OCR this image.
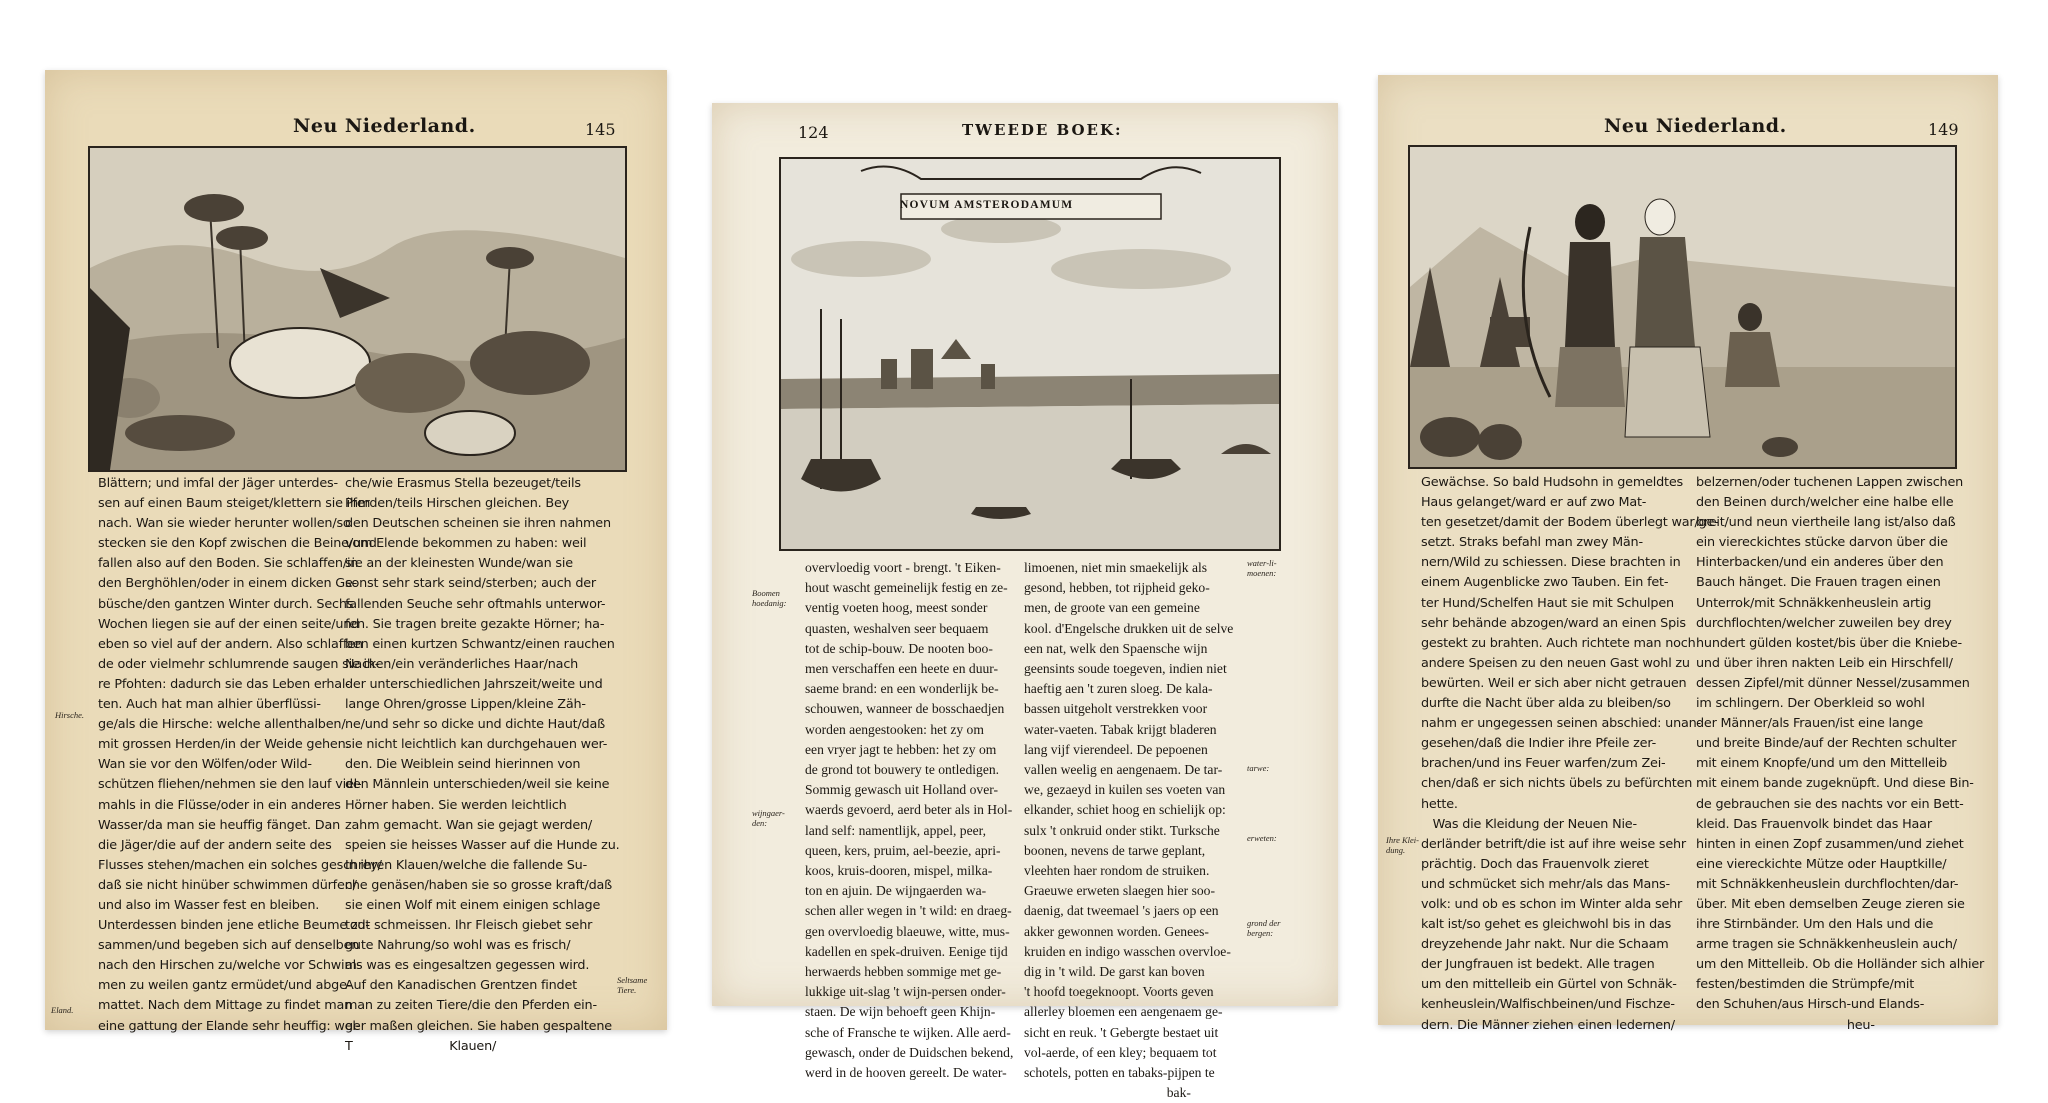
Neu Niederland.	145
Blättern; und imfal der Jäger unterdes-
sen auf einen Baum steiget/klettern sie ihm
nach. Wan sie wieder herunter wollen/so
stecken sie den Kopf zwischen die Beine/und
fallen also auf den Boden. Sie schlaffen/in
den Berghöhlen/oder in einem dicken Ge-
büsche/den gantzen Winter durch. Sechs
Wochen liegen sie auf der einen seite/und
eben so viel auf der andern. Also schlaffen
de oder vielmehr schlumrende saugen sie ih-
re Pfohten: dadurch sie das Leben erhal-
ten. Auch hat man alhier überflüssi-
ge/als die Hirsche: welche allenthalben/
mit grossen Herden/in der Weide gehen.
Wan sie vor den Wölfen/oder Wild-
schützen fliehen/nehmen sie den lauf viel-
mahls in die Flüsse/oder in ein anderes
Wasser/da man sie heuffig fänget. Dan
die Jäger/die auf der andern seite des
Flusses stehen/machen ein solches geschrey/
daß sie nicht hinüber schwimmen dürfen/
und also im Wasser fest en bleiben.
Unterdessen binden jene etliche Beume zu-
sammen/und begeben sich auf denselben
nach den Hirschen zu/welche vor Schwim-
men zu weilen gantz ermüdet/und abge-
mattet. Nach dem Mittage zu findet man
eine gattung der Elande sehr heuffig: wel-
che/wie Erasmus Stella bezeuget/teils
Pferden/teils Hirschen gleichen. Bey
den Deutschen scheinen sie ihren nahmen
vom Elende bekommen zu haben: weil
sie an der kleinesten Wunde/wan sie
sonst sehr stark seind/sterben; auch der
fallenden Seuche sehr oftmahls unterwor-
fen. Sie tragen breite gezakte Hörner; ha-
ben einen kurtzen Schwantz/einen rauchen
Nacken/ein veränderliches Haar/nach
der unterschiedlichen Jahrszeit/weite und
lange Ohren/grosse Lippen/kleine Zäh-
ne/und sehr so dicke und dichte Haut/daß
sie nicht leichtlich kan durchgehauen wer-
den. Die Weiblein seind hierinnen von
den Männlein unterschieden/weil sie keine
Hörner haben. Sie werden leichtlich
zahm gemacht. Wan sie gejagt werden/
speien sie heisses Wasser auf die Hunde zu.
In ihren Klauen/welche die fallende Su-
che genäsen/haben sie so grosse kraft/daß
sie einen Wolf mit einem einigen schlage
todt schmeissen. Ihr Fleisch giebet sehr
gute Nahrung/so wohl was es frisch/
als was es eingesaltzen gegessen wird.
Auf den Kanadischen Grentzen findet
man zu zeiten Tiere/die den Pferden ein-
ger maßen gleichen. Sie haben gespaltene
T                         Klauen/
Hirsche.
Eland.
Seltsame
Tiere.
124	TWEEDE BOEK:
NOVUM AMSTERODAMUM
overvloedig voort - brengt. 't Eiken-
hout wascht gemeinelijk festig en ze-
ventig voeten hoog, meest sonder
quasten, weshalven seer bequaem
tot de schip-bouw. De nooten boo-
men verschaffen een heete en duur-
saeme brand: en een wonderlijk be-
schouwen, wanneer de bosschaedjen
worden aengestooken: het zy om
een vryer jagt te hebben: het zy om
de grond tot bouwery te ontledigen.
Sommig gewasch uit Holland over-
waerds gevoerd, aerd beter als in Hol-
land self: namentlijk, appel, peer,
queen, kers, pruim, ael-beezie, apri-
koos, kruis-dooren, mispel, milka-
ton en ajuin. De wijngaerden wa-
schen aller wegen in 't wild: en draeg-
gen overvloedig blaeuwe, witte, mus-
kadellen en spek-druiven. Eenige tijd
herwaerds hebben sommige met ge-
lukkige uit-slag 't wijn-persen onder-
staen. De wijn behoeft geen Khijn-
sche of Fransche te wijken. Alle aerd-
gewasch, onder de Duidschen bekend,
werd in de hooven gereelt. De water-
limoenen, niet min smaekelijk als
gesond, hebben, tot rijpheid geko-
men, de groote van een gemeine
kool. d'Engelsche drukken uit de selve
een nat, welk den Spaensche wijn
geensints soude toegeven, indien niet
haeftig aen 't zuren sloeg. De kala-
bassen uitgeholt verstrekken voor
water-vaeten. Tabak krijgt bladeren
lang vijf vierendeel. De pepoenen
vallen weelig en aengenaem. De tar-
we, gezaeyd in kuilen ses voeten van
elkander, schiet hoog en schielijk op:
sulx 't onkruid onder stikt. Turksche
boonen, nevens de tarwe geplant,
vleehten haer rondom de struiken.
Graeuwe erweten slaegen hier soo-
daenig, dat tweemael 's jaers op een
akker gewonnen worden. Genees-
kruiden en indigo wasschen overvloe-
dig in 't wild. De garst kan boven
't hoofd toegeknoopt. Voorts geven
allerley bloemen een aengenaem ge-
sicht en reuk. 't Gebergte bestaet uit
vol-aerde, of een kley; bequaem tot
schotels, potten en tabaks-pijpen te
bak-
Boomen
hoedanig:
wijngaer-
den:
water-li-
moenen:
tarwe:
erweten:
grond der
bergen:
Neu Niederland.	149
Gewächse. So bald Hudsohn in gemeldtes
Haus gelanget/ward er auf zwo Mat-
ten gesetzet/damit der Bodem überlegt war/ge-
setzt. Straks befahl man zwey Män-
nern/Wild zu schiessen. Diese brachten in
einem Augenblicke zwo Tauben. Ein fet-
ter Hund/Schelfen Haut sie mit Schulpen
sehr behände abzogen/ward an einen Spis
gestekt zu brahten. Auch richtete man noch
andere Speisen zu den neuen Gast wohl zu
bewürten. Weil er sich aber nicht getrauen
durfte die Nacht über alda zu bleiben/so
nahm er ungegessen seinen abschied: unan-
gesehen/daß die Indier ihre Pfeile zer-
brachen/und ins Feuer warfen/zum Zei-
chen/daß er sich nichts übels zu befürchten
hette.
Was die Kleidung der Neuen Nie-
derländer betrift/die ist auf ihre weise sehr
prächtig. Doch das Frauenvolk zieret
und schmücket sich mehr/als das Mans-
volk: und ob es schon im Winter alda sehr
kalt ist/so gehet es gleichwohl bis in das
dreyzehende Jahr nakt. Nur die Schaam
der Jungfrauen ist bedekt. Alle tragen
um den mittelleib ein Gürtel von Schnäk-
kenheuslein/Walfischbeinen/und Fischze-
dern. Die Männer ziehen einen ledernen/
belzernen/oder tuchenen Lappen zwischen
den Beinen durch/welcher eine halbe elle
breit/und neun viertheile lang ist/also daß
ein viereckichtes stücke darvon über die
Hinterbacken/und ein anderes über den
Bauch hänget. Die Frauen tragen einen
Unterrok/mit Schnäkkenheuslein artig
durchflochten/welcher zuweilen bey drey
hundert gülden kostet/bis über die Kniebe-
und über ihren nakten Leib ein Hirschfell/
dessen Zipfel/mit dünner Nessel/zusammen
im schlingern. Der Oberkleid so wohl
der Männer/als Frauen/ist eine lange
und breite Binde/auf der Rechten schulter
mit einem Knopfe/und um den Mittelleib
mit einem bande zugeknüpft. Und diese Bin-
de gebrauchen sie des nachts vor ein Bett-
kleid. Das Frauenvolk bindet das Haar
hinten in einen Zopf zusammen/und ziehet
eine viereckichte Mütze oder Hauptkille/
mit Schnäkkenheuslein durchflochten/dar-
über. Mit eben demselben Zeuge zieren sie
ihre Stirnbänder. Um den Hals und die
arme tragen sie Schnäkkenheuslein auch/
um den Mittelleib. Ob die Holländer sich alhier
festen/bestimden die Strümpfe/mit
den Schuhen/aus Hirsch-und Elands-
heu-
Ihre Klei-
dung.
